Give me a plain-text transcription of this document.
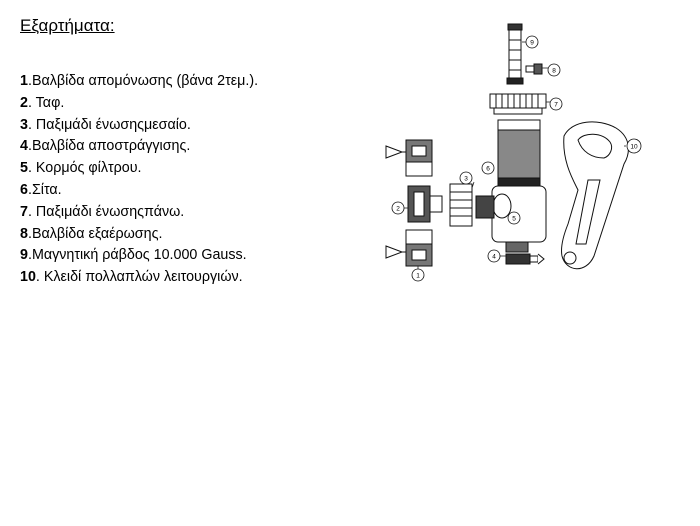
Εξαρτήματα:
1.Βαλβίδα απομόνωσης (βάνα 2τεμ.).
2. Ταφ.
3. Παξιμάδι ένωσηςμεσαίο.
4.Βαλβίδα αποστράγγισης.
5. Κορμός φίλτρου.
6.Σίτα.
7. Παξιμάδι ένωσηςπάνω.
8.Βαλβίδα εξαέρωσης.
9.Μαγνητική ράβδος 10.000 Gauss.
10. Κλειδί πολλαπλών λειτουργιών.
9
8
7
6
3
2
5
4
1
10
